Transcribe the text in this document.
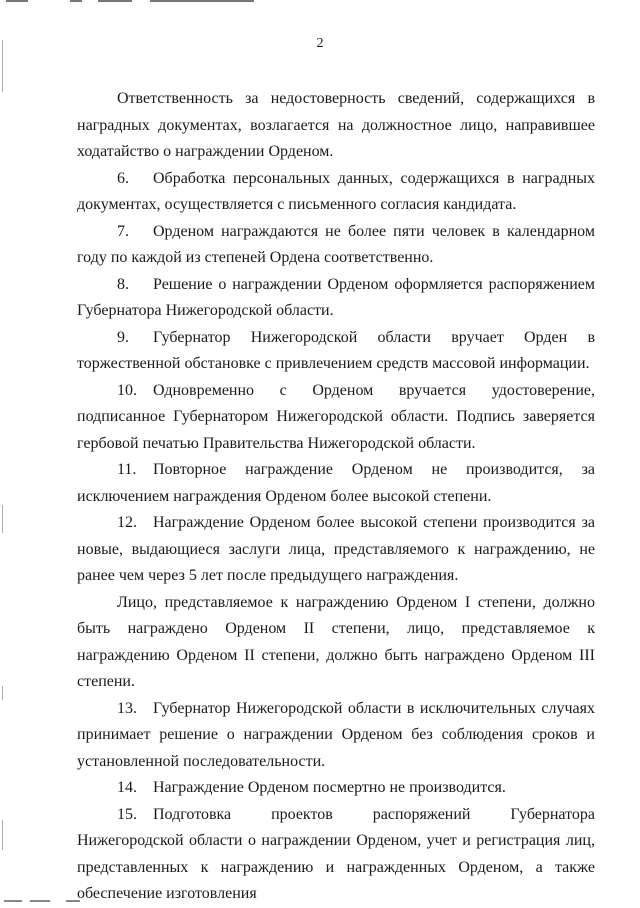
2

Ответственность за недостоверность сведений, содержащихся в наградных документах, возлагается на должностное лицо, направившее ходатайство о награждении Орденом.

6. Обработка персональных данных, содержащихся в наградных документах, осуществляется с письменного согласия кандидата.

7. Орденом награждаются не более пяти человек в календарном году по каждой из степеней Ордена соответственно.

8. Решение о награждении Орденом оформляется распоряжением Губернатора Нижегородской области.

9. Губернатор Нижегородской области вручает Орден в торжественной обстановке с привлечением средств массовой информации.

10. Одновременно с Орденом вручается удостоверение, подписанное Губернатором Нижегородской области. Подпись заверяется гербовой печатью Правительства Нижегородской области.

11. Повторное награждение Орденом не производится, за исключением награждения Орденом более высокой степени.

12. Награждение Орденом более высокой степени производится за новые, выдающиеся заслуги лица, представляемого к награждению, не ранее чем через 5 лет после предыдущего награждения.

Лицо, представляемое к награждению Орденом I степени, должно быть награждено Орденом II степени, лицо, представляемое к награждению Орденом II степени, должно быть награждено Орденом III степени.

13. Губернатор Нижегородской области в исключительных случаях принимает решение о награждении Орденом без соблюдения сроков и установленной последовательности.

14. Награждение Орденом посмертно не производится.

15. Подготовка проектов распоряжений Губернатора Нижегородской области о награждении Орденом, учет и регистрация лиц, представленных к награждению и награжденных Орденом, а также обеспечение изготовления
